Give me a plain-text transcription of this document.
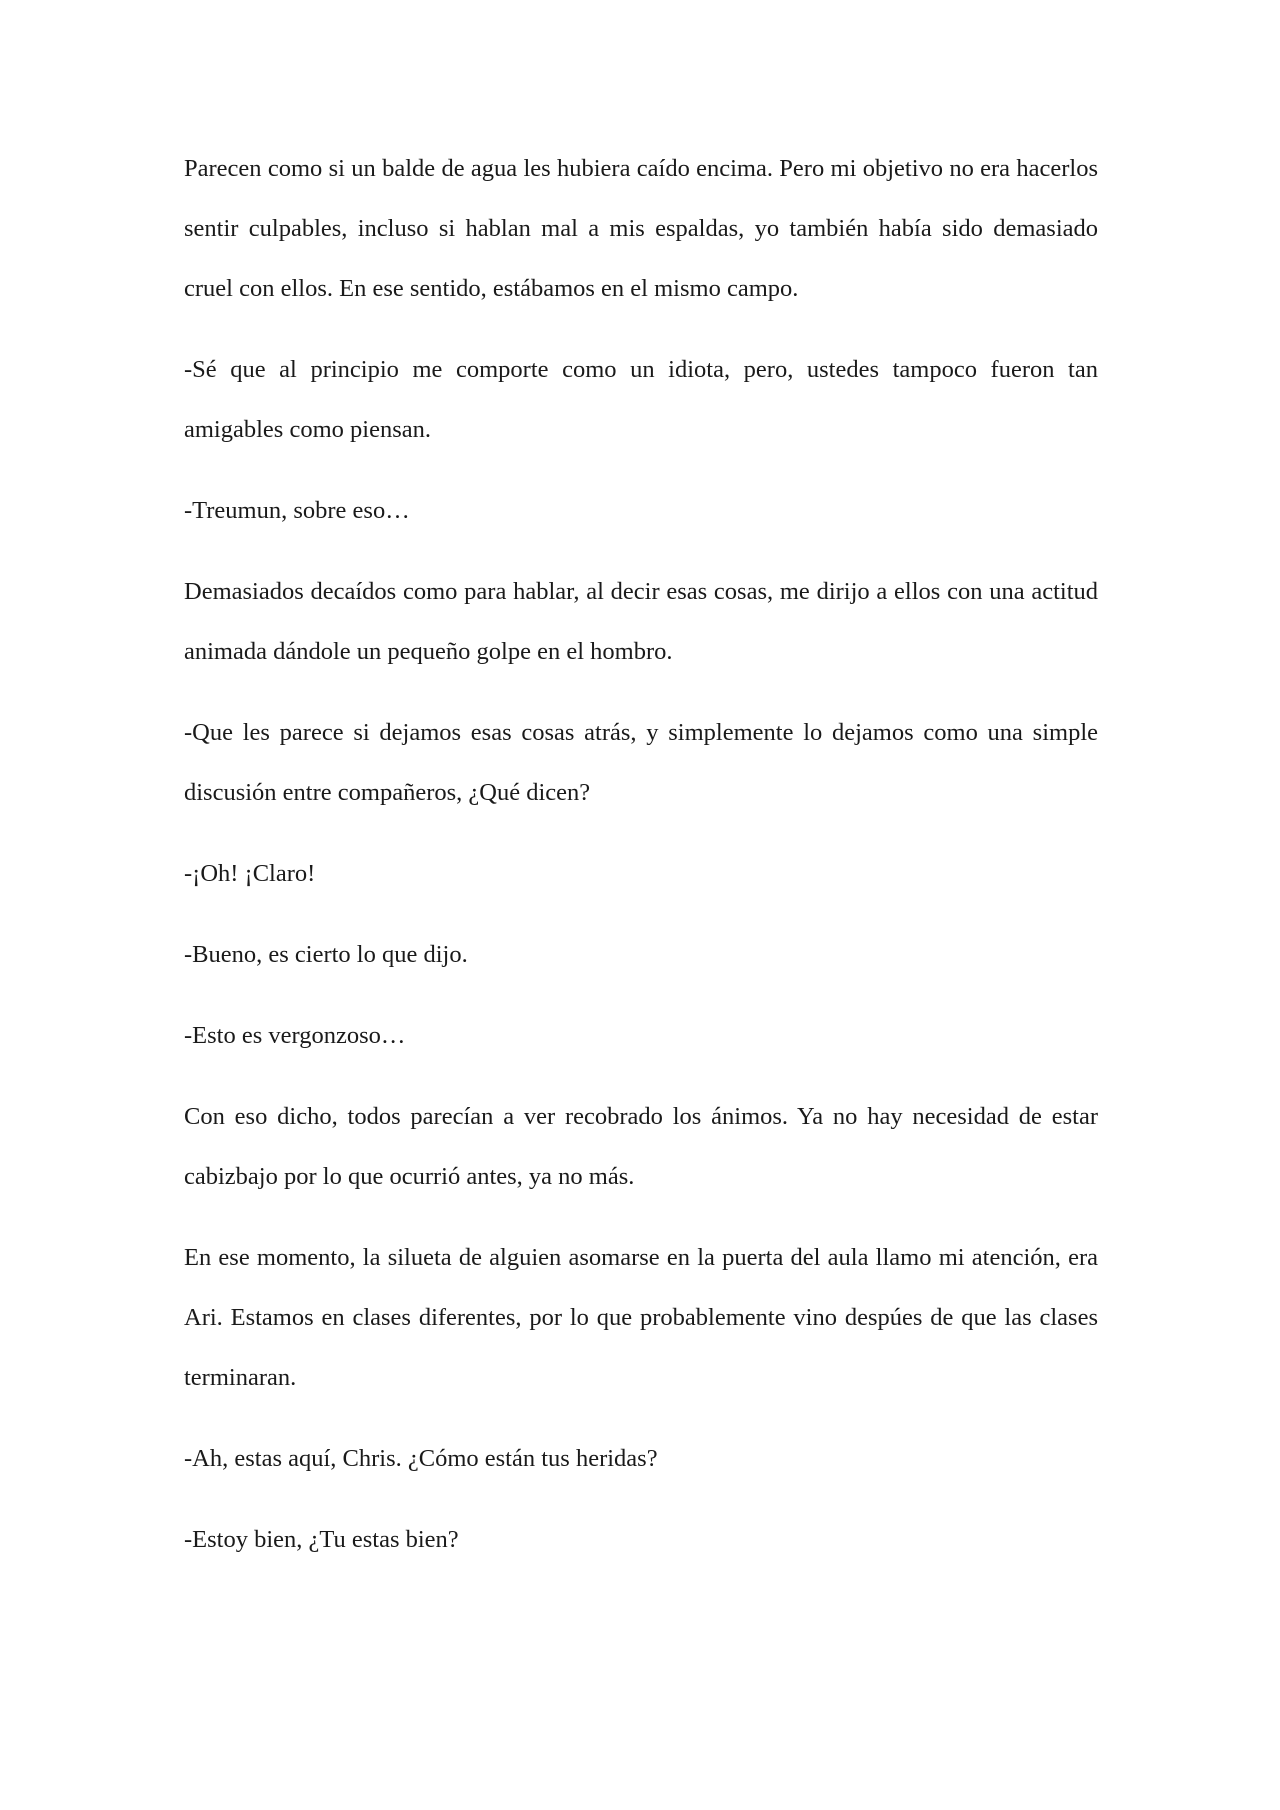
Parecen como si un balde de agua les hubiera caído encima. Pero mi objetivo no era hacerlos sentir culpables, incluso si hablan mal a mis espaldas, yo también había sido demasiado cruel con ellos. En ese sentido, estábamos en el mismo campo.

-Sé que al principio me comporte como un idiota, pero, ustedes tampoco fueron tan amigables como piensan.

-Treumun, sobre eso…

Demasiados decaídos como para hablar, al decir esas cosas, me dirijo a ellos con una actitud animada dándole un pequeño golpe en el hombro.

-Que les parece si dejamos esas cosas atrás, y simplemente lo dejamos como una simple discusión entre compañeros, ¿Qué dicen?

-¡Oh! ¡Claro!

-Bueno, es cierto lo que dijo.

-Esto es vergonzoso…

Con eso dicho, todos parecían a ver recobrado los ánimos. Ya no hay necesidad de estar cabizbajo por lo que ocurrió antes, ya no más.

En ese momento, la silueta de alguien asomarse en la puerta del aula llamo mi atención, era Ari. Estamos en clases diferentes, por lo que probablemente vino despúes de que las clases terminaran.

-Ah, estas aquí, Chris. ¿Cómo están tus heridas?

-Estoy bien, ¿Tu estas bien?
